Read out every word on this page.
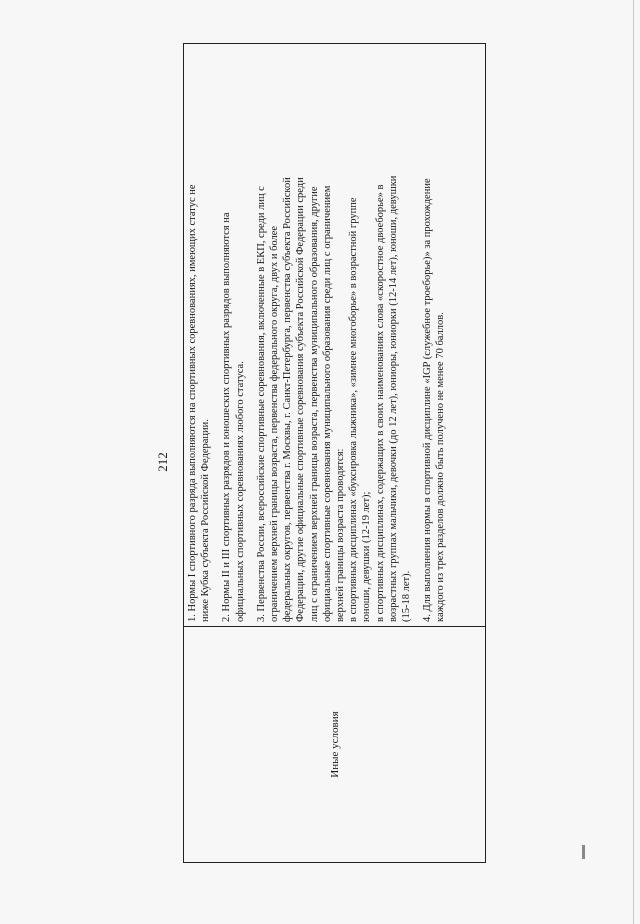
212
Иные условия
1. Нормы I спортивного разряда выполняются на спортивных соревнованиях, имеющих статус не ниже Кубка субъекта Российской Федерации. 2. Нормы II и III спортивных разрядов и юношеских спортивных разрядов выполняются на официальных спортивных соревнованиях любого статуса. 3. Первенства России, всероссийские спортивные соревнования, включенные в ЕКП, среди лиц с ограничением верхней границы возраста, первенства федерального округа, двух и более федеральных округов, первенства г. Москвы, г. Санкт-Петербурга, первенства субъекта Российской Федерации, другие официальные спортивные соревнования субъекта Российской Федерации среди лиц с ограничением верхней границы возраста, первенства муниципального образования, другие официальные спортивные соревнования муниципального образования среди лиц с ограничением верхней границы возраста проводятся: в спортивных дисциплинах «буксировка лыжника», «зимнее многоборье» в возрастной группе юноши, девушки (12-19 лет); в спортивных дисциплинах, содержащих в своих наименованиях слова «скоростное двоеборье» в возрастных группах мальчики, девочки (до 12 лет), юниоры, юниорки (12-14 лет), юноши, девушки (15-18 лет). 4. Для выполнения нормы в спортивной дисциплине «IGP (служебное троеборье)» за прохождение каждого из трех разделов должно быть получено не менее 70 баллов.
